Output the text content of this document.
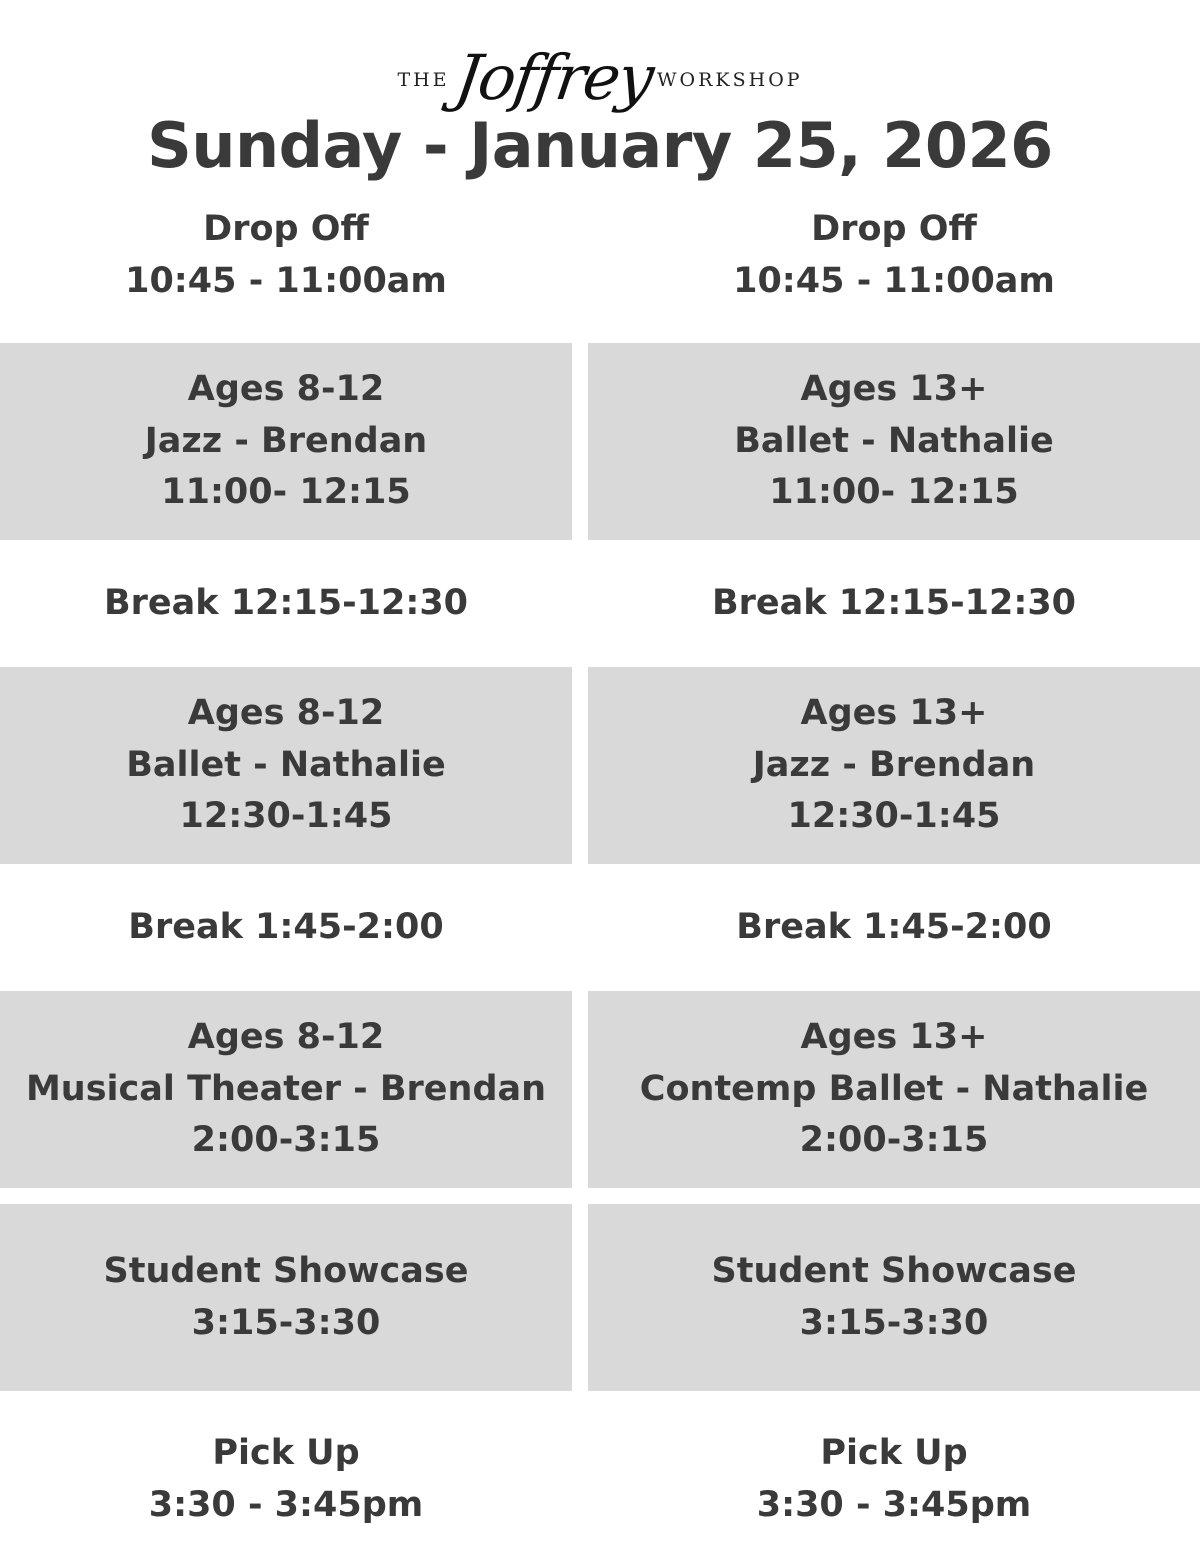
THE Joffrey WORKSHOP
Sunday - January 25, 2026
Drop Off
10:45 - 11:00am
Ages 8-12
Jazz - Brendan
11:00- 12:15
Break 12:15-12:30
Ages 8-12
Ballet - Nathalie
12:30-1:45
Break 1:45-2:00
Ages 8-12
Musical Theater - Brendan
2:00-3:15
Student Showcase
3:15-3:30
Pick Up
3:30 - 3:45pm
Drop Off
10:45 - 11:00am
Ages 13+
Ballet - Nathalie
11:00- 12:15
Break 12:15-12:30
Ages 13+
Jazz - Brendan
12:30-1:45
Break 1:45-2:00
Ages 13+
Contemp Ballet - Nathalie
2:00-3:15
Student Showcase
3:15-3:30
Pick Up
3:30 - 3:45pm
